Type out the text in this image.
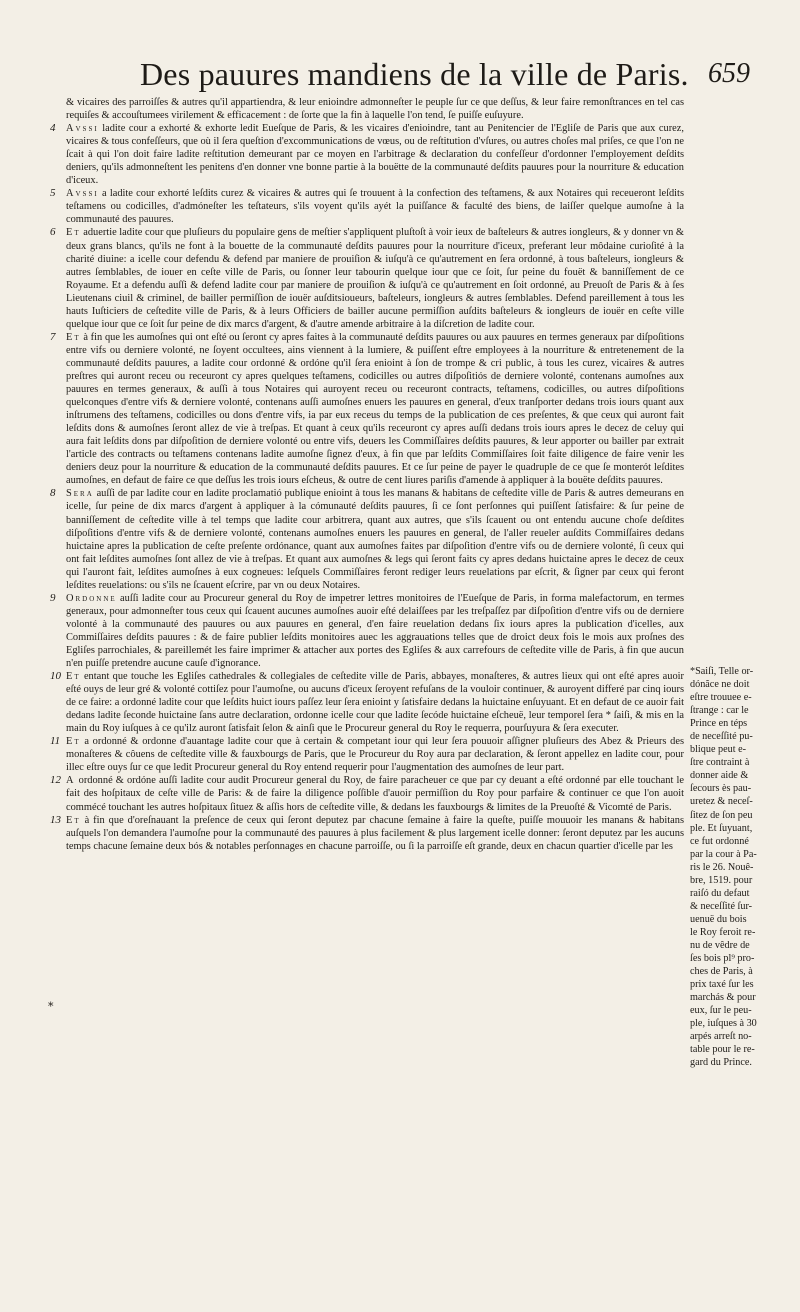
Des pauures mandiens de la ville de Paris. 659

& vicaires des parroiſſes & autres qu'il appartiendra, & leur enioindre admonneſter le peuple ſur ce que deſſus, & leur faire remonſtrances en tel cas requiſes & accouſtumees virilement & efficacement : de ſorte que la fin à laquelle l'on tend, ſe puiſſe euſuyure.

4 Avssi ladite cour a exhorté & exhorte ledit Eueſque de Paris, & les vicaires d'enioindre, tant au Penitencier de l'Egliſe de Paris que aux curez, vicaires & tous confeſſeurs, que où il ſera queſtion d'excommunications de vœus, ou de reſtitution d'vſures, ou autres choſes mal priſes, ce que l'on ne ſcait à qui l'on doit faire ladite reſtitution demeurant par ce moyen en l'arbitrage & declaration du confeſſeur d'ordonner l'employement deſdits deniers, qu'ils admonneſtent les penitens d'en donner vne bonne partie à la bouëtte de la communauté deſdits pauures pour la nourriture & education d'iceux.

5 Avssi a ladite cour exhorté leſdits curez & vicaires & autres qui ſe trouuent à la confection des teſtamens, & aux Notaires qui receueront leſdits teſtamens ou codicilles, d'admóneſter les teſtateurs, s'ils voyent qu'ils ayét la puiſſance & faculté des biens, de laiſſer quelque aumoſne à la communauté des pauures.

6 Et aduertie ladite cour que pluſieurs du populaire gens de meſtier s'appliquent pluſtoſt à voir ieux de baſteleurs & autres iongleurs, & y donner vn & deux grans blancs, qu'ils ne font à la bouette de la communauté deſdits pauures pour la nourriture d'iceux, preferant leur môdaine curioſité à la charité diuine: a icelle cour defendu & defend par maniere de prouiſion & iuſqu'à ce qu'autrement en ſera ordonné, à tous baſteleurs, iongleurs & autres ſemblables, de iouer en ceſte ville de Paris, ou ſonner leur tabourin quelque iour que ce ſoit, ſur peine du fouët & banniſſement de ce Royaume. Et a defendu auſſi & defend ladite cour par maniere de prouiſion & iuſqu'à ce qu'autrement en ſoit ordonné, au Preuoſt de Paris & à ſes Lieutenans ciuil & criminel, de bailler permiſſion de iouër auſditsioueurs, baſteleurs, iongleurs & autres ſemblables. Defend pareillement à tous les hauts Iuſticiers de ceſtedite ville de Paris, & à leurs Officiers de bailler aucune permiſſion auſdits baſteleurs & iongleurs de iouër en ceſte ville quelque iour que ce ſoit ſur peine de dix marcs d'argent, & d'autre amende arbitraire à la diſcretion de ladite cour.

7 Et à fin que les aumoſnes qui ont eſté ou ſeront cy apres faites à la communauté deſdits pauures ou aux pauures en termes generaux par diſpoſitions entre vifs ou derniere volonté, ne ſoyent occultees, ains viennent à la lumiere, & puiſſent eſtre employees à la nourriture & entretenement de la communauté deſdits pauures, a ladite cour ordonné & ordóne qu'il ſera enioint à ſon de trompe & cri public, à tous les curez, vicaires & autres preſtres qui auront receu ou receuront cy apres quelques teſtamens, codicilles ou autres diſpoſitiós de derniere volonté, contenans aumoſnes aux pauures en termes generaux, & auſſi à tous Notaires qui auroyent receu ou receuront contracts, teſtamens, codicilles, ou autres diſpoſitions quelconques d'entre vifs & derniere volonté, contenans auſſi aumoſnes enuers les pauures en general, d'eux tranſporter dedans trois iours quant aux inſtrumens des teſtamens, codicilles ou dons d'entre vifs, ia par eux receus du temps de la publication de ces preſentes, & que ceux qui auront fait leſdits dons & aumoſnes ſeront allez de vie à treſpas. Et quant à ceux qu'ils receuront cy apres auſſi dedans trois iours apres le decez de celuy qui aura fait leſdits dons par diſpoſition de derniere volonté ou entre vifs, deuers les Commiſſaires deſdits pauures, & leur apporter ou bailler par extrait l'article des contracts ou teſtamens contenans ladite aumoſne ſignez d'eux, à fin que par leſdits Commiſſaires ſoit faite diligence de faire venir les deniers deuz pour la nourriture & education de la communauté deſdits pauures. Et ce ſur peine de payer le quadruple de ce que ſe monterót leſdites aumoſnes, en defaut de faire ce que deſſus les trois iours eſcheus, & outre de cent liures pariſis d'amende à appliquer à la bouëte deſdits pauures.

8 Sera auſſi de par ladite cour en ladite proclamatió publique enioint à tous les manans & habitans de ceſtedite ville de Paris & autres demeurans en icelle, ſur peine de dix marcs d'argent à appliquer à la cómunauté deſdits pauures, ſi ce ſont perſonnes qui puiſſent ſatisfaire: & ſur peine de banniſſement de ceſtedite ville à tel temps que ladite cour arbitrera, quant aux autres, que s'ils ſcauent ou ont entendu aucune choſe deſdites diſpoſitions d'entre vifs & de derniere volonté, contenans aumoſnes enuers les pauures en general, de l'aller reueler auſdits Commiſſaires dedans huictaine apres la publication de ceſte preſente ordónance, quant aux aumoſnes faites par diſpoſition d'entre vifs ou de derniere volonté, ſi ceux qui ont fait leſdites aumoſnes ſont allez de vie à treſpas. Et quant aux aumoſnes & legs qui ſeront faits cy apres dedans huictaine apres le decez de ceux qui l'auront fait, leſdites aumoſnes à eux cogneues: leſquels Commiſſaires feront rediger leurs reuelations par eſcrit, & ſigner par ceux qui feront leſdites reuelations: ou s'ils ne ſcauent eſcrire, par vn ou deux Notaires.

9 Ordonne auſſi ladite cour au Procureur general du Roy de impetrer lettres monitoires de l'Eueſque de Paris, in forma malefactorum, en termes generaux, pour admonneſter tous ceux qui ſcauent aucunes aumoſnes auoir eſté delaiſſees par les treſpaſſez par diſpoſition d'entre vifs ou de derniere volonté à la communauté des pauures ou aux pauures en general, d'en faire reuelation dedans ſix iours apres la publication d'icelles, aux Commiſſaires deſdits pauures : & de faire publier leſdits monitoires auec les aggrauations telles que de droict deux fois le mois aux proſnes des Egliſes parrochiales, & pareillemét les faire imprimer & attacher aux portes des Egliſes & aux carrefours de ceſtedite ville de Paris, à fin que aucun n'en puiſſe pretendre aucune cauſe d'ignorance.

10 Et entant que touche les Egliſes cathedrales & collegiales de ceſtedite ville de Paris, abbayes, monaſteres, & autres lieux qui ont eſté apres auoir eſté ouys de leur gré & volonté cottiſez pour l'aumoſne, ou aucuns d'iceux ſeroyent refuſans de la vouloir continuer, & auroyent differé par cinq iours de ce faire: a ordonné ladite cour que leſdits huict iours paſſez leur ſera enioint y ſatisfaire dedans la huictaine enſuyuant. Et en defaut de ce auoir fait dedans ladite ſeconde huictaine ſans autre declaration, ordonne icelle cour que ladite ſecóde huictaine eſcheuë, leur temporel ſera * ſaiſi, & mis en la main du Roy iuſques à ce qu'ilz auront ſatisfait ſelon & ainſi que le Procureur general du Roy le requerra, pourſuyura & ſera executer.

11 Et a ordonné & ordonne d'auantage ladite cour que à certain & competant iour qui leur ſera pouuoir aſſigner pluſieurs des Abez & Prieurs des monaſteres & côuens de ceſtedite ville & fauxbourgs de Paris, que le Procureur du Roy aura par declaration, & ſeront appellez en ladite cour, pour illec eſtre ouys ſur ce que ledit Procureur general du Roy entend requerir pour l'augmentation des aumoſnes de leur part.

12 A ordonné & ordóne auſſi ladite cour audit Procureur general du Roy, de faire paracheuer ce que par cy deuant a eſté ordonné par elle touchant le fait des hoſpitaux de ceſte ville de Paris: & de faire la diligence poſſible d'auoir permiſſion du Roy pour parfaire & continuer ce que l'on auoit commécé touchant les autres hoſpitaux ſituez & aſſis hors de ceſtedite ville, & dedans les fauxbourgs & limites de la Preuoſté & Vicomté de Paris.

13 Et à fin que d'oreſnauant la preſence de ceux qui ſeront deputez par chacune ſemaine à faire la queſte, puiſſe mouuoir les manans & habitans auſquels l'on demandera l'aumoſne pour la communauté des pauures à plus facilement & plus largement icelle donner: ſeront deputez par les aucuns temps chacune ſemaine deux bós & notables perſonnages en chacune parroiſſe, ou ſi la parroiſſe eſt grande, deux en chacun quartier d'icelle par les

*
*Saiſi, Telle or-
dónãce ne doit
eſtre trouuee e-
ſtrange : car le
Prince en téps
de neceſſité pu-
blique peut e-
ſtre contraint à
donner aide &
ſecours ès pau-
uretez & neceſ-
ſitez de ſon peu
ple. Et ſuyuant,
ce fut ordonné
par la cour à Pa-
ris le 26. Nouê-
bre, 1519. pour
raiſó du defaut
& neceſſité ſur-
uenuë du bois
le Roy feroit re-
nu de vêdre de
ſes bois pl⁹ pro-
ches de Paris, à
prix taxé ſur les
marchás & pour
eux, ſur le peu-
ple, iuſques à 30
arpés arreſt no-
table pour le re-
gard du Prince.
